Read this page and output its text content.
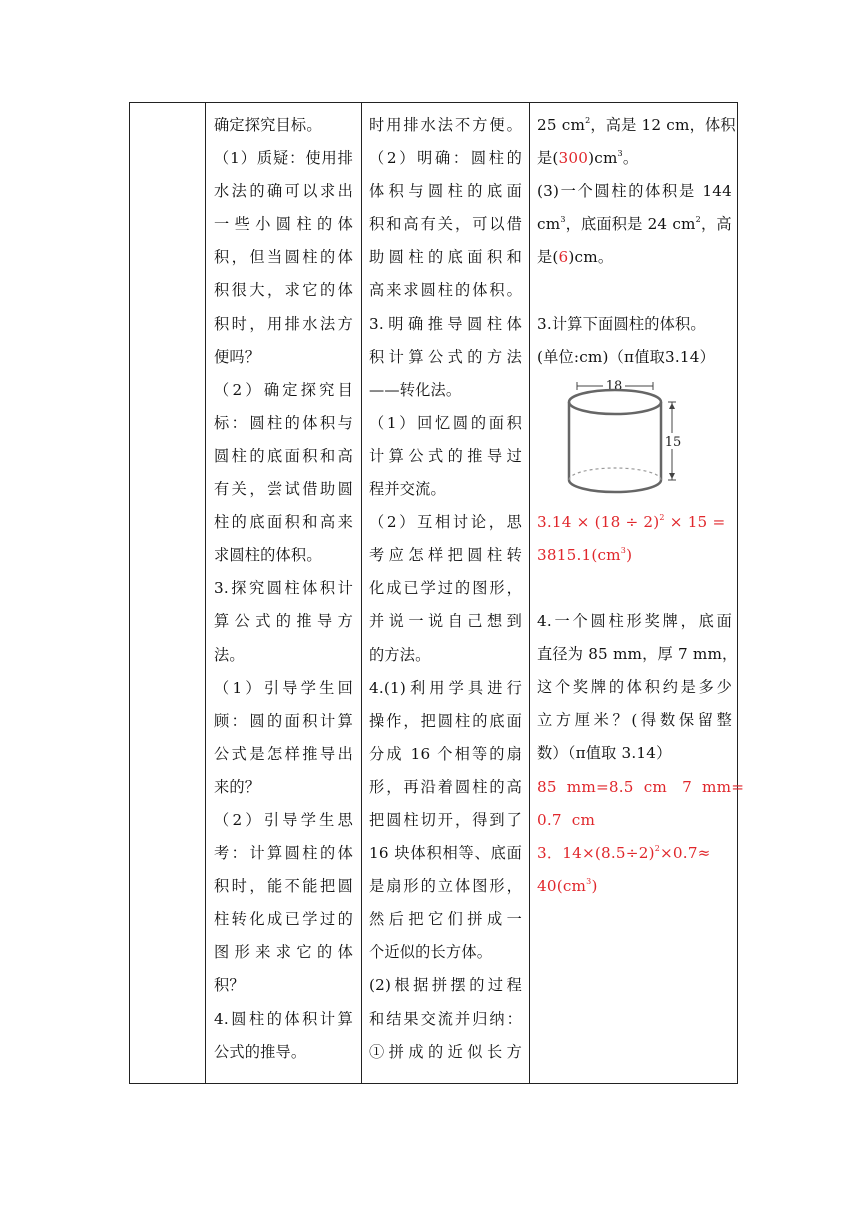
确定探究目标。
（1）质疑：使用排
水法的确可以求出
一些小圆柱的体
积，但当圆柱的体
积很大，求它的体
积时，用排水法方
便吗？
（2）确定探究目
标：圆柱的体积与
圆柱的底面积和高
有关，尝试借助圆
柱的底面积和高来
求圆柱的体积。
3.探究圆柱体积计
算公式的推导方
法。
（1）引导学生回
顾：圆的面积计算
公式是怎样推导出
来的？
（2）引导学生思
考：计算圆柱的体
积时，能不能把圆
柱转化成已学过的
图形来求它的体
积？
4.圆柱的体积计算
公式的推导。
时用排水法不方便。
（2）明确：圆柱的
体积与圆柱的底面
积和高有关，可以借
助圆柱的底面积和
高来求圆柱的体积。
3.明确推导圆柱体
积计算公式的方法
——转化法。
（1）回忆圆的面积
计算公式的推导过
程并交流。
（2）互相讨论，思
考应怎样把圆柱转
化成已学过的图形，
并说一说自己想到
的方法。
4.(1)利用学具进行
操作，把圆柱的底面
分成 16 个相等的扇
形，再沿着圆柱的高
把圆柱切开，得到了
16 块体积相等、底面
是扇形的立体图形，
然后把它们拼成一
个近似的长方体。
(2)根据拼摆的过程
和结果交流并归纳：
①拼成的近似长方
25 $cm^2$，高是 12 cm，体积
是$(300)cm^3$。
(3)一个圆柱的体积是 144
$cm^3$，底面积是 24 $cm^2$，高
是(6)cm。
3.计算下面圆柱的体积。
(单位:cm)（π值取3.14）
18
15
$3.14 \times (18 \div 2)^2 \times 15$ =
$3815.1(cm^3)$
4.一个圆柱形奖牌，底面
直径为 85 mm，厚 7 mm，
这个奖牌的体积约是多少
立方厘米？(得数保留整
数）（π值取 3.14）
85  mm=8.5  cm   7  mm=
0.7  cm
3．$14\times(8.5\div 2)^2\times 0.7\approx$
$40(cm^3)$
